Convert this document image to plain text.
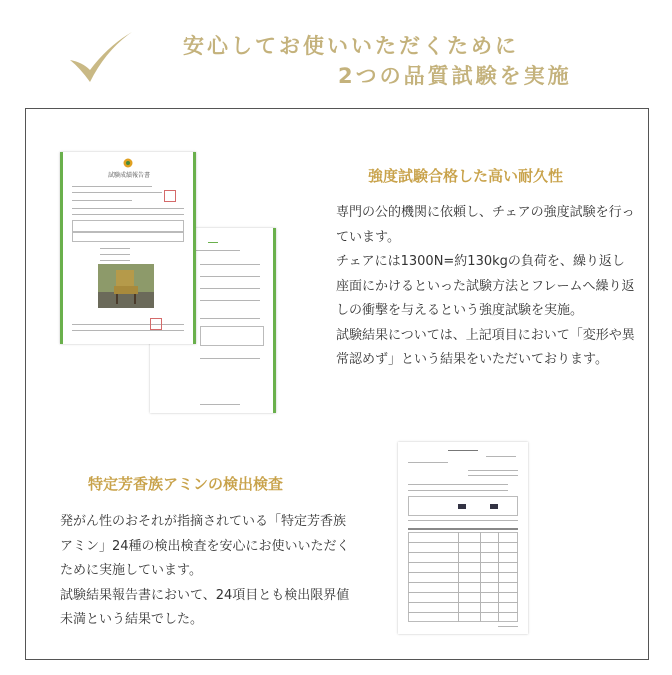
安心してお使いいただくために
2つの品質試験を実施
試験成績報告書	強度試験合格した高い耐久性

専門の公的機関に依頼し、チェアの強度試験を行っています。

チェアには1300N=約130kgの負荷を、繰り返し座面にかけるといった試験方法とフレームへ繰り返しの衝撃を与えるという強度試験を実施。

試験結果については、上記項目において「変形や異常認めず」という結果をいただいております。

特定芳香族アミンの検出検査

発がん性のおそれが指摘されている「特定芳香族アミン」24種の検出検査を安心にお使いいただくために実施しています。

試験結果報告書において、24項目とも検出限界値未満という結果でした。
